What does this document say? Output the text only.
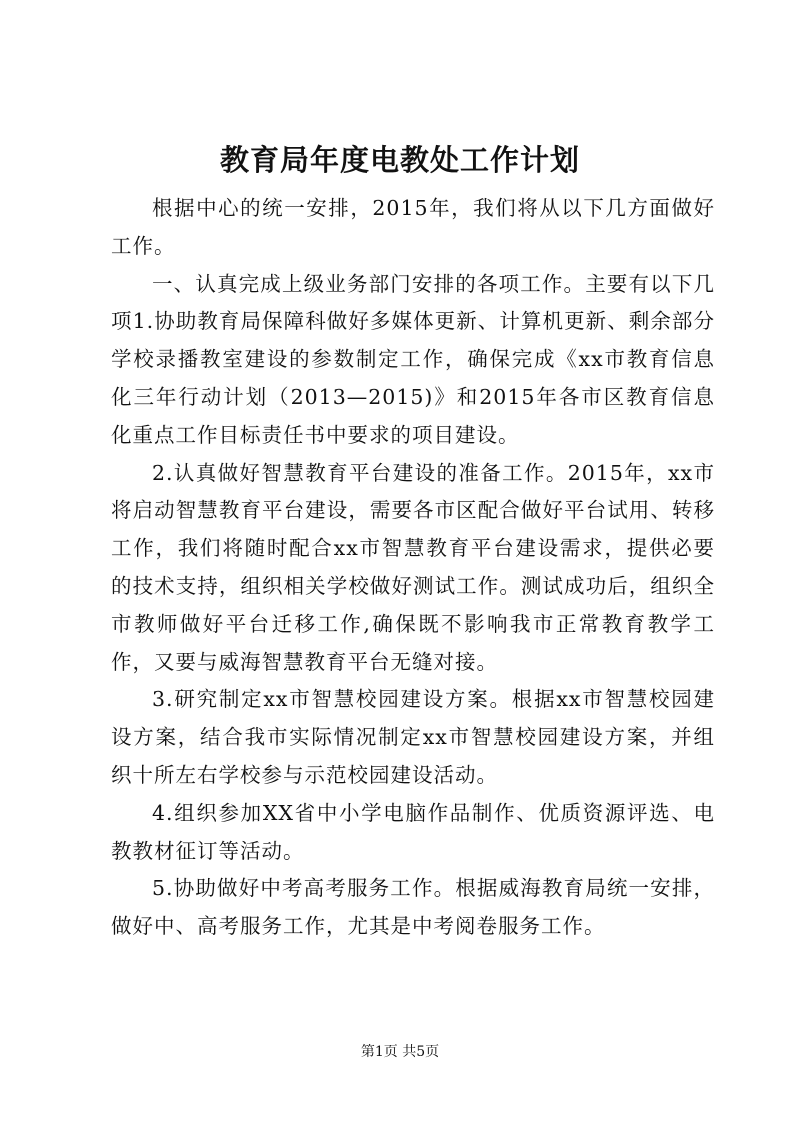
教育局年度电教处工作计划

根据中心的统一安排，2015年，我们将从以下几方面做好工作。

一、认真完成上级业务部门安排的各项工作。主要有以下几项1.协助教育局保障科做好多媒体更新、计算机更新、剩余部分学校录播教室建设的参数制定工作，确保完成《xx市教育信息化三年行动计划（2013—2015)》和2015年各市区教育信息化重点工作目标责任书中要求的项目建设。

2.认真做好智慧教育平台建设的准备工作。2015年，xx市将启动智慧教育平台建设，需要各市区配合做好平台试用、转移工作，我们将随时配合xx市智慧教育平台建设需求，提供必要的技术支持，组织相关学校做好测试工作。测试成功后，组织全市教师做好平台迁移工作,确保既不影响我市正常教育教学工作，又要与威海智慧教育平台无缝对接。

3.研究制定xx市智慧校园建设方案。根据xx市智慧校园建设方案，结合我市实际情况制定xx市智慧校园建设方案，并组织十所左右学校参与示范校园建设活动。

4.组织参加XX省中小学电脑作品制作、优质资源评选、电教教材征订等活动。

5.协助做好中考高考服务工作。根据威海教育局统一安排，做好中、高考服务工作，尤其是中考阅卷服务工作。

第1页 共5页
